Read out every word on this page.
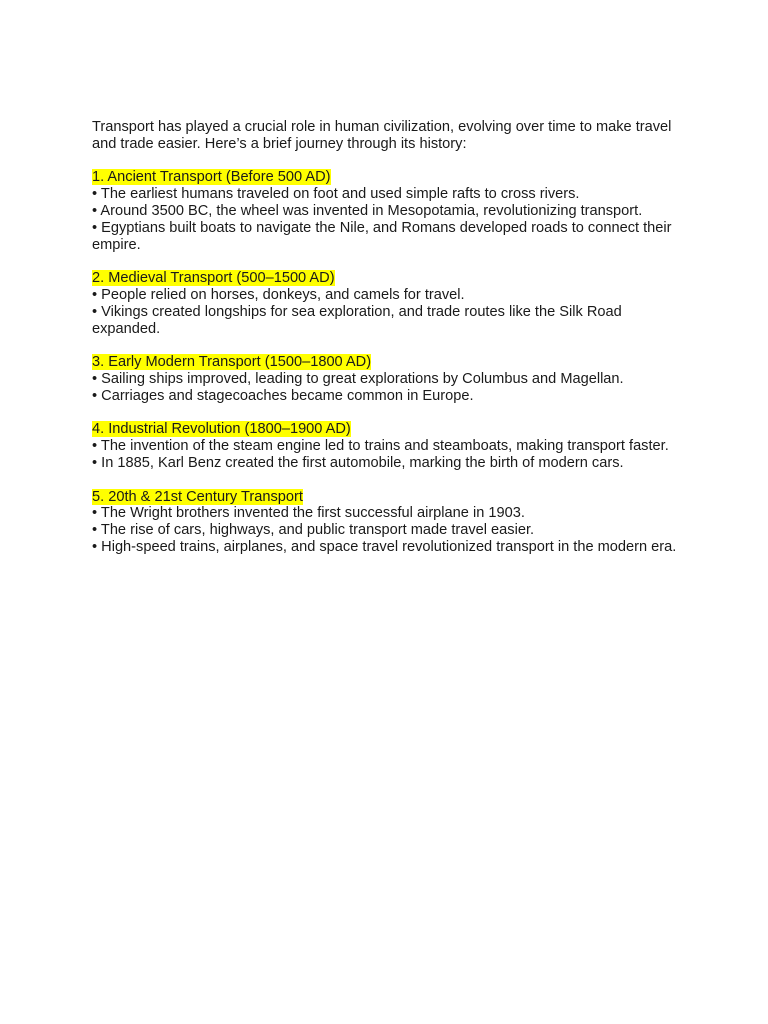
Transport has played a crucial role in human civilization, evolving over time to make travel and trade easier. Here’s a brief journey through its history:

1. Ancient Transport (Before 500 AD)

• The earliest humans traveled on foot and used simple rafts to cross rivers.

• Around 3500 BC, the wheel was invented in Mesopotamia, revolutionizing transport.

• Egyptians built boats to navigate the Nile, and Romans developed roads to connect their empire.

2. Medieval Transport (500–1500 AD)

• People relied on horses, donkeys, and camels for travel.

• Vikings created longships for sea exploration, and trade routes like the Silk Road expanded.

3. Early Modern Transport (1500–1800 AD)

• Sailing ships improved, leading to great explorations by Columbus and Magellan.

• Carriages and stagecoaches became common in Europe.

4. Industrial Revolution (1800–1900 AD)

• The invention of the steam engine led to trains and steamboats, making transport faster.

• In 1885, Karl Benz created the first automobile, marking the birth of modern cars.

5. 20th & 21st Century Transport

• The Wright brothers invented the first successful airplane in 1903.

• The rise of cars, highways, and public transport made travel easier.

• High-speed trains, airplanes, and space travel revolutionized transport in the modern era.
